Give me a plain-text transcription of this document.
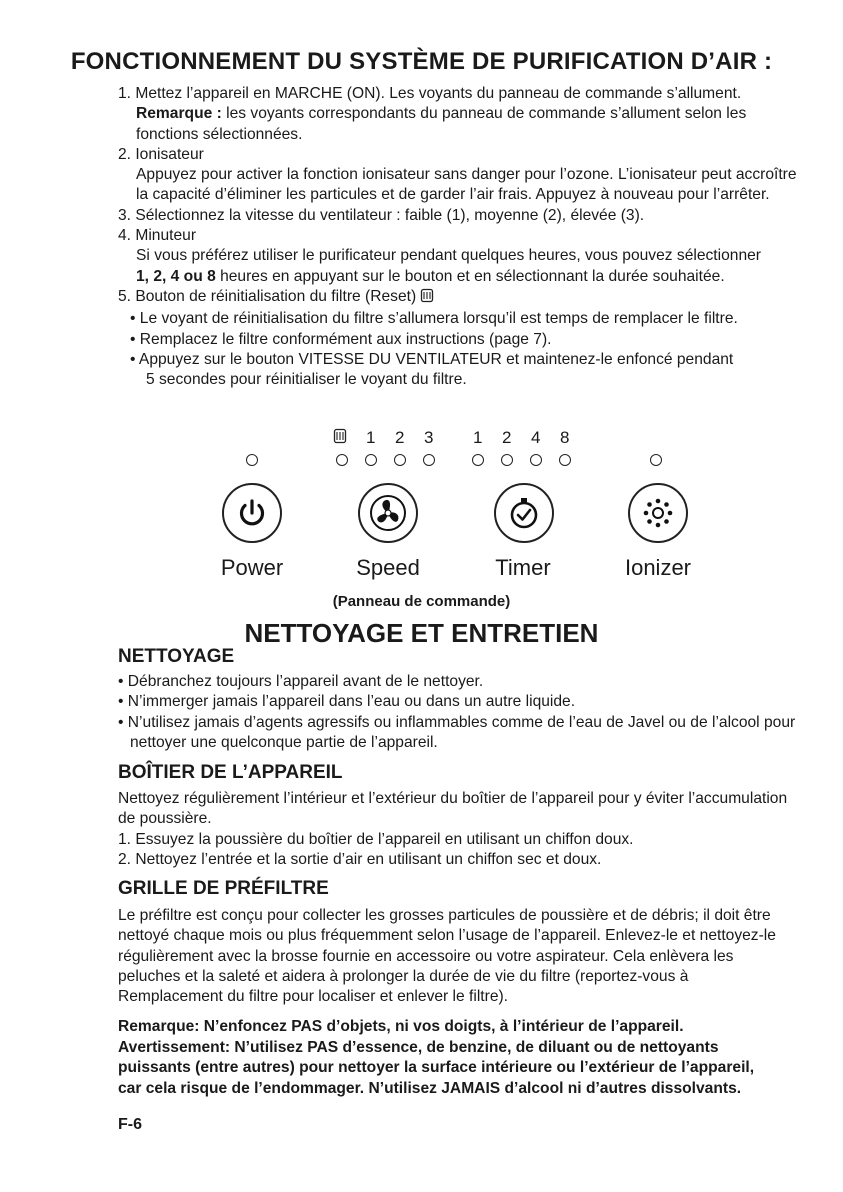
FONCTIONNEMENT DU SYSTÈME DE PURIFICATION D’AIR :
1. Mettez l’appareil en MARCHE (ON). Les voyants du panneau de commande s’allument.
Remarque : les voyants correspondants du panneau de commande s’allument selon les
fonctions sélectionnées.
2. Ionisateur
Appuyez pour activer la fonction ionisateur sans danger pour l’ozone. L’ionisateur peut accroître
la capacité d’éliminer les particules et de garder l’air frais. Appuyez à nouveau pour l’arrêter.
3. Sélectionnez la vitesse du ventilateur : faible (1), moyenne (2), élevée (3).
4. Minuteur
Si vous préférez utiliser le purificateur pendant quelques heures, vous pouvez sélectionner
1, 2, 4 ou 8 heures en appuyant sur le bouton et en sélectionnant la durée souhaitée.
5. Bouton de réinitialisation du filtre (Reset)
• Le voyant de réinitialisation du filtre s’allumera lorsqu’il est temps de remplacer le filtre.
• Remplacez le filtre conformément aux instructions (page 7).
• Appuyez sur le bouton VITESSE DU VENTILATEUR et maintenez-le enfoncé pendant
5 secondes pour réinitialiser le voyant du filtre.
1 2 3 1 2 4 8
Power	Speed	Timer	Ionizer
(Panneau de commande)
NETTOYAGE ET ENTRETIEN
NETTOYAGE
• Débranchez toujours l’appareil avant de le nettoyer.
• N’immerger jamais l’appareil dans l’eau ou dans un autre liquide.
• N’utilisez jamais d’agents agressifs ou inflammables comme de l’eau de Javel ou de l’alcool pour
nettoyer une quelconque partie de l’appareil.
BOÎTIER DE L’APPAREIL
Nettoyez régulièrement l’intérieur et l’extérieur du boîtier de l’appareil pour y éviter l’accumulation
de poussière.
1. Essuyez la poussière du boîtier de l’appareil en utilisant un chiffon doux.
2. Nettoyez l’entrée et la sortie d’air en utilisant un chiffon sec et doux.
GRILLE DE PRÉFILTRE
Le préfiltre est conçu pour collecter les grosses particules de poussière et de débris; il doit être
nettoyé chaque mois ou plus fréquemment selon l’usage de l’appareil. Enlevez-le et nettoyez-le
régulièrement avec la brosse fournie en accessoire ou votre aspirateur. Cela enlèvera les
peluches et la saleté et aidera à prolonger la durée de vie du filtre (reportez-vous à
Remplacement du filtre pour localiser et enlever le filtre).
Remarque: N’enfoncez PAS d’objets, ni vos doigts, à l’intérieur de l’appareil.
Avertissement: N’utilisez PAS d’essence, de benzine, de diluant ou de nettoyants
puissants (entre autres) pour nettoyer la surface intérieure ou l’extérieur de l’appareil,
car cela risque de l’endommager. N’utilisez JAMAIS d’alcool ni d’autres dissolvants.
F-6
